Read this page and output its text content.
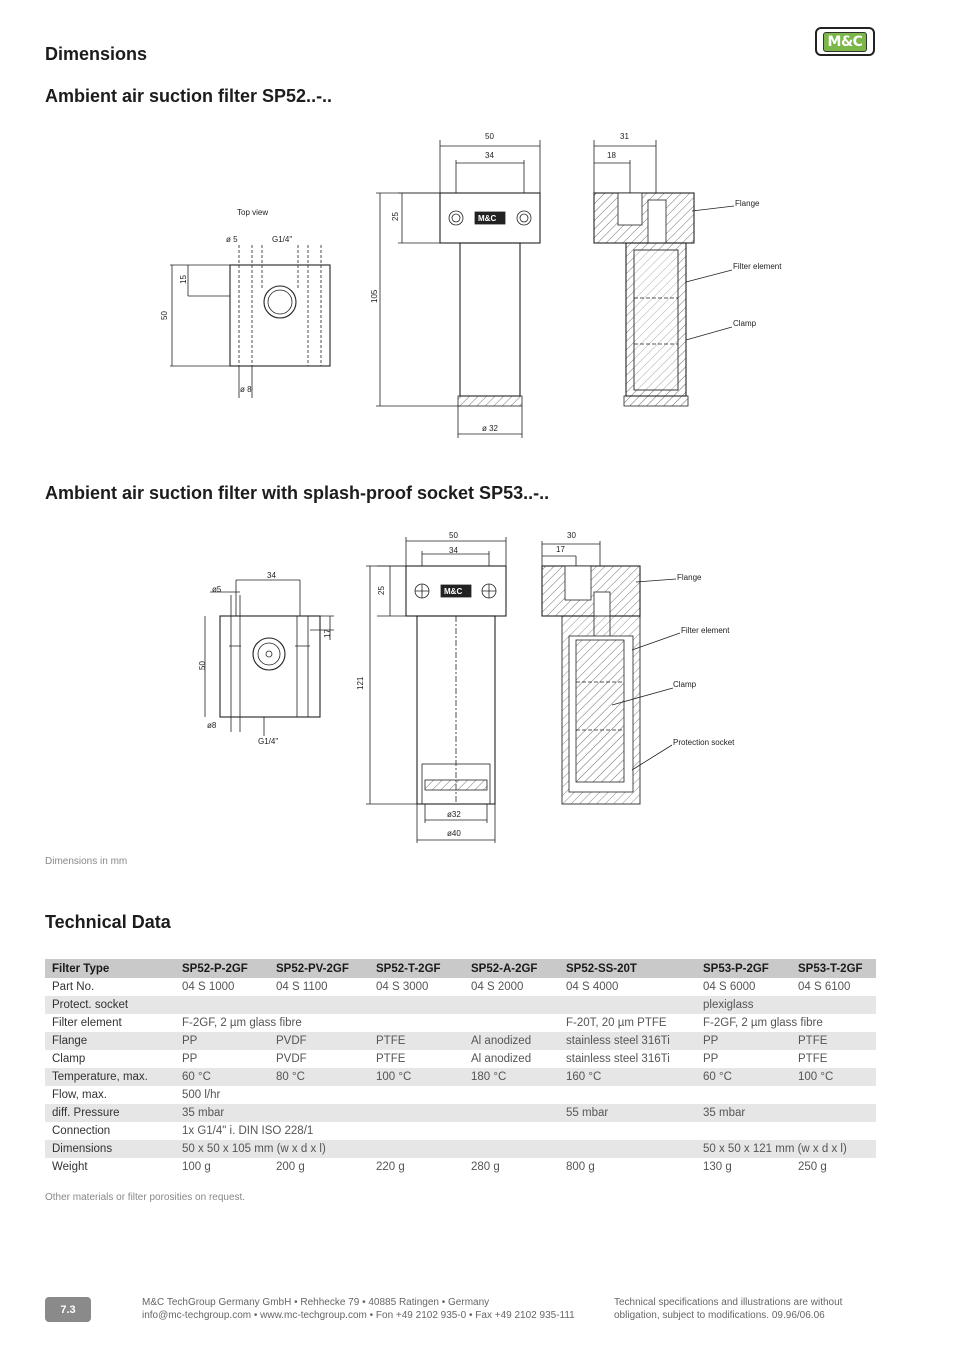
Dimensions
M&C
Ambient air suction filter SP52..-..
Top view
ø 5	G1/4"
15
50
ø 8
50
34
25
105
ø 32
31
18
Flange
Filter element
Clamp
M&C
Ambient air suction filter with splash-proof socket SP53..-..
34
ø5
17
50
ø8
G1/4"
50
34
25
121
ø32
ø40
30
17
Flange
Filter element
Clamp
Protection socket
M&C
Dimensions in mm
Technical Data
Filter Type	SP52-P-2GF	SP52-PV-2GF	SP52-T-2GF	SP52-A-2GF	SP52-SS-20T	SP53-P-2GF	SP53-T-2GF
Part No.	04 S 1000	04 S 1100	04 S 3000	04 S 2000	04 S 4000	04 S 6000	04 S 6100
Protect. socket						plexiglass	
Filter element	F-2GF, 2 µm glass fibre				F-20T, 20 µm PTFE	F-2GF, 2 µm glass fibre	
Flange	PP	PVDF	PTFE	Al anodized	stainless steel 316Ti	PP	PTFE
Clamp	PP	PVDF	PTFE	Al anodized	stainless steel 316Ti	PP	PTFE
Temperature, max.	60 °C	80 °C	100 °C	180 °C	160 °C	60 °C	100 °C
Flow, max.	500 l/hr						
diff. Pressure	35 mbar				55 mbar	35 mbar	
Connection	1x G1/4" i. DIN ISO 228/1						
Dimensions	50 x 50 x 105 mm (w x d x l)					50 x 50 x 121 mm (w x d x l)	
Weight	100 g	200 g	220 g	280 g	800 g	130 g	250 g
Other materials or filter porosities on request.
7.3
M&C TechGroup Germany GmbH • Rehhecke 79 • 40885 Ratingen • Germany
info@mc-techgroup.com • www.mc-techgroup.com • Fon +49 2102 935-0 • Fax +49 2102 935-111
Technical specifications and illustrations are without
obligation, subject to modifications. 09.96/06.06
